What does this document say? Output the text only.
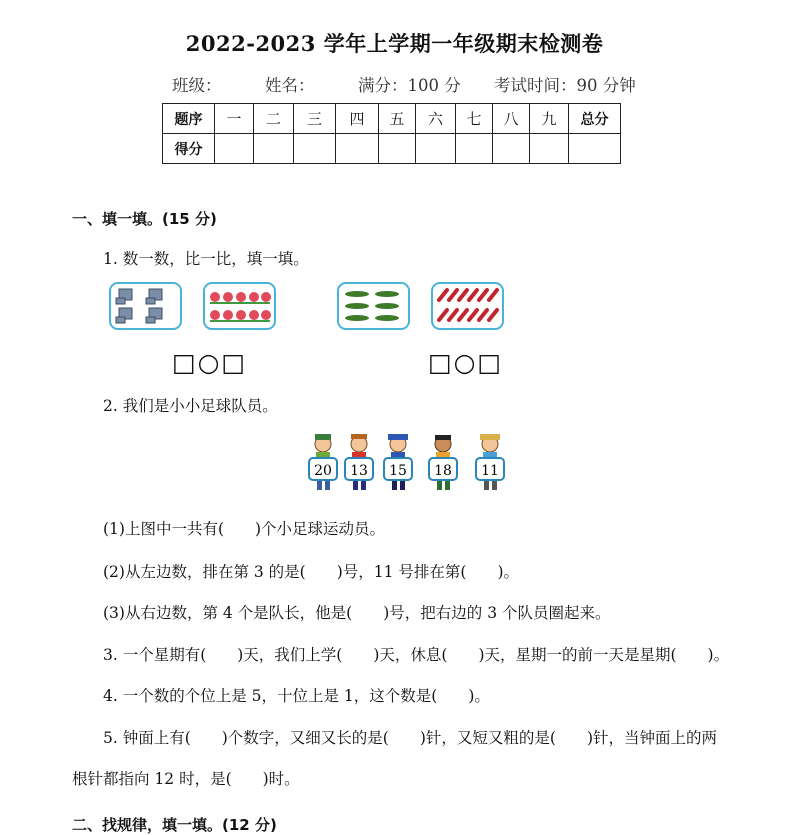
2022-2023 学年上学期一年级期末检测卷
班级：	姓名：	满分：100 分 考试时间：90 分钟
题序	一	二	三	四	五	六	七	八	九	总分
得分										
一、填一填。(15 分)
1. 数一数，比一比，填一填。
□○□	□○□
2. 我们是小小足球队员。
20 13 15 18 11
(1)上图中一共有(　　)个小足球运动员。
(2)从左边数，排在第 3 的是(　　)号，11 号排在第(　　)。
(3)从右边数，第 4 个是队长，他是(　　)号，把右边的 3 个队员圈起来。
3. 一个星期有(　　)天，我们上学(　　)天，休息(　　)天，星期一的前一天是星期(　　)。
4. 一个数的个位上是 5，十位上是 1，这个数是(　　)。
5. 钟面上有(　　)个数字，又细又长的是(　　)针，又短又粗的是(　　)针，当钟面上的两
根针都指向 12 时，是(　　)时。
二、找规律，填一填。(12 分)
